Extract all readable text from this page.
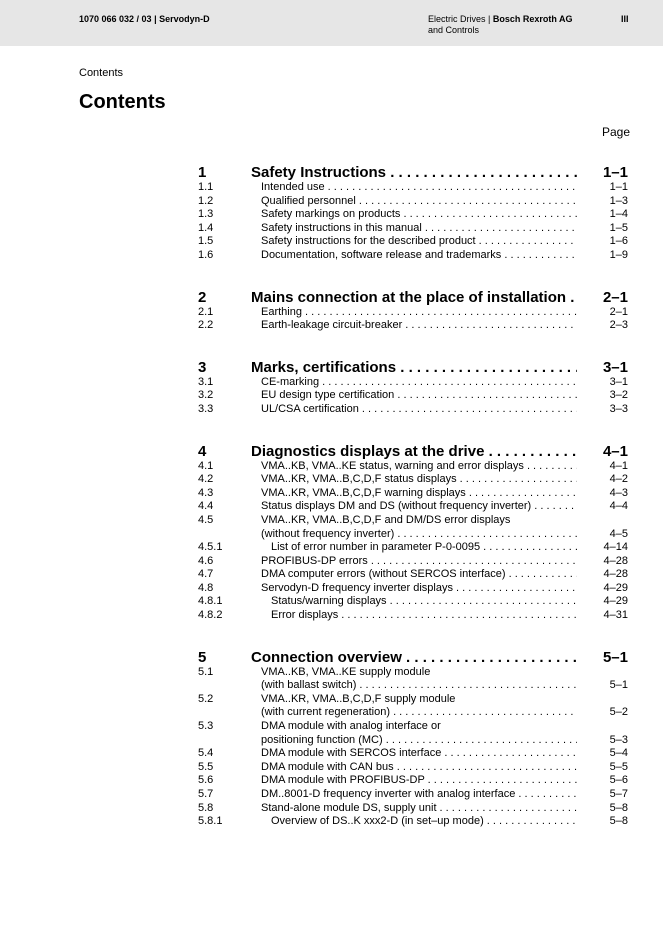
1070 066 032 / 03 | Servodyn-D	Electric Drives | Bosch Rexroth AG
and Controls
III
Contents
Contents
Page
1	Safety Instructions . . .	1–1
1.1	Intended use . . .	1–1
1.2	Qualified personnel . . .	1–3
1.3	Safety markings on products . . .	1–4
1.4	Safety instructions in this manual . . .	1–5
1.5	Safety instructions for the described product . . .	1–6
1.6	Documentation, software release and trademarks . . .	1–9
2	Mains connection at the place of installation . . .	2–1
2.1	Earthing . . .	2–1
2.2	Earth-leakage circuit-breaker . . .	2–3
3	Marks, certifications . . .	3–1
3.1	CE-marking . . .	3–1
3.2	EU design type certification . . .	3–2
3.3	UL/CSA certification . . .	3–3
4	Diagnostics displays at the drive . . .	4–1
4.1	VMA..KB, VMA..KE status, warning and error displays . . .	4–1
4.2	VMA..KR, VMA..B,C,D,F status displays . . .	4–2
4.3	VMA..KR, VMA..B,C,D,F warning displays . . .	4–3
4.4	Status displays DM and DS (without frequency inverter) . . .	4–4
4.5	VMA..KR, VMA..B,C,D,F and DM/DS error displays
(without frequency inverter) . . .	4–5
4.5.1	List of error number in parameter P-0-0095 . . .	4–14
4.6	PROFIBUS-DP errors . . .	4–28
4.7	DMA computer errors (without SERCOS interface) . . .	4–28
4.8	Servodyn-D frequency inverter displays . . .	4–29
4.8.1	Status/warning displays . . .	4–29
4.8.2	Error displays . . .	4–31
5	Connection overview . . .	5–1
5.1	VMA..KB, VMA..KE supply module
(with ballast switch) . . .	5–1
5.2	VMA..KR, VMA..B,C,D,F supply module
(with current regeneration) . . .	5–2
5.3	DMA module with analog interface or
positioning function (MC) . . .	5–3
5.4	DMA module with SERCOS interface . . .	5–4
5.5	DMA module with CAN bus . . .	5–5
5.6	DMA module with PROFIBUS-DP . . .	5–6
5.7	DM..8001-D frequency inverter with analog interface . . .	5–7
5.8	Stand-alone module DS, supply unit . . .	5–8
5.8.1	Overview of DS..K xxx2-D (in set–up mode) . . .	5–8
